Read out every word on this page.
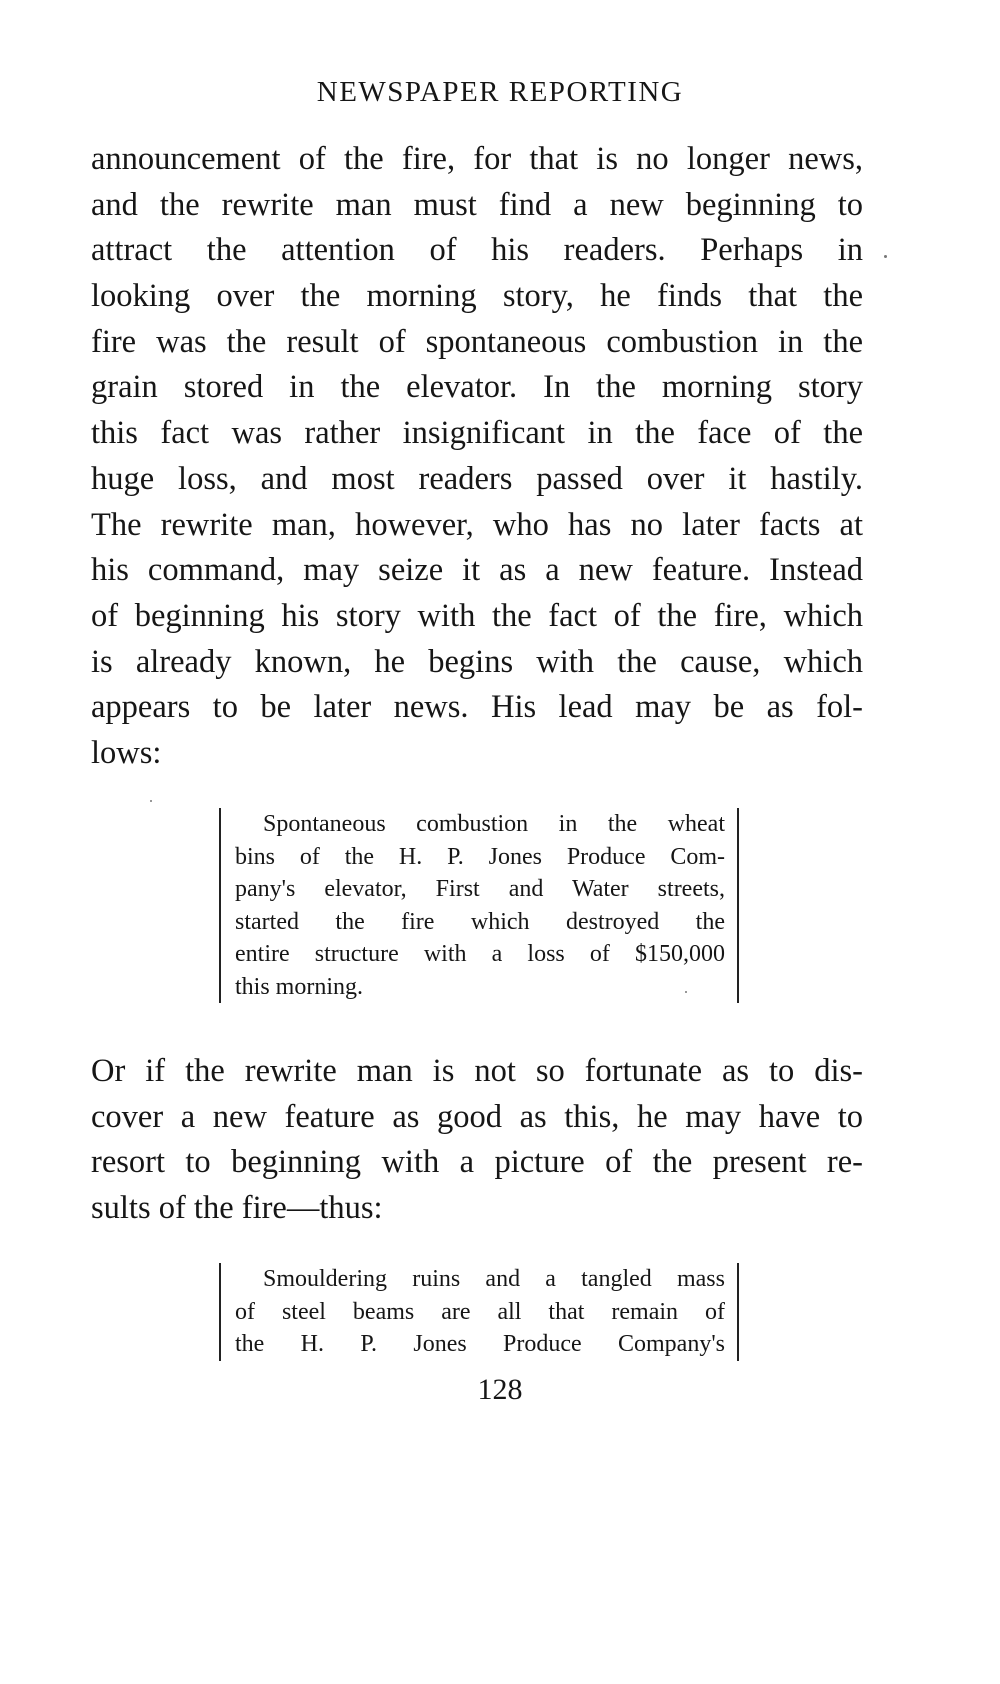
NEWSPAPER REPORTING
announcement of the fire, for that is no longer news,
and the rewrite man must find a new beginning to
attract the attention of his readers. Perhaps in
looking over the morning story, he finds that the
fire was the result of spontaneous combustion in the
grain stored in the elevator. In the morning story
this fact was rather insignificant in the face of the
huge loss, and most readers passed over it hastily.
The rewrite man, however, who has no later facts at
his command, may seize it as a new feature. Instead
of beginning his story with the fact of the fire, which
is already known, he begins with the cause, which
appears to be later news. His lead may be as fol-
lows:
Spontaneous combustion in the wheat
bins of the H. P. Jones Produce Com-
pany's elevator, First and Water streets,
started the fire which destroyed the
entire structure with a loss of $150,000
this morning.
Or if the rewrite man is not so fortunate as to dis-
cover a new feature as good as this, he may have to
resort to beginning with a picture of the present re-
sults of the fire—thus:
Smouldering ruins and a tangled mass
of steel beams are all that remain of
the H. P. Jones Produce Company's

128
